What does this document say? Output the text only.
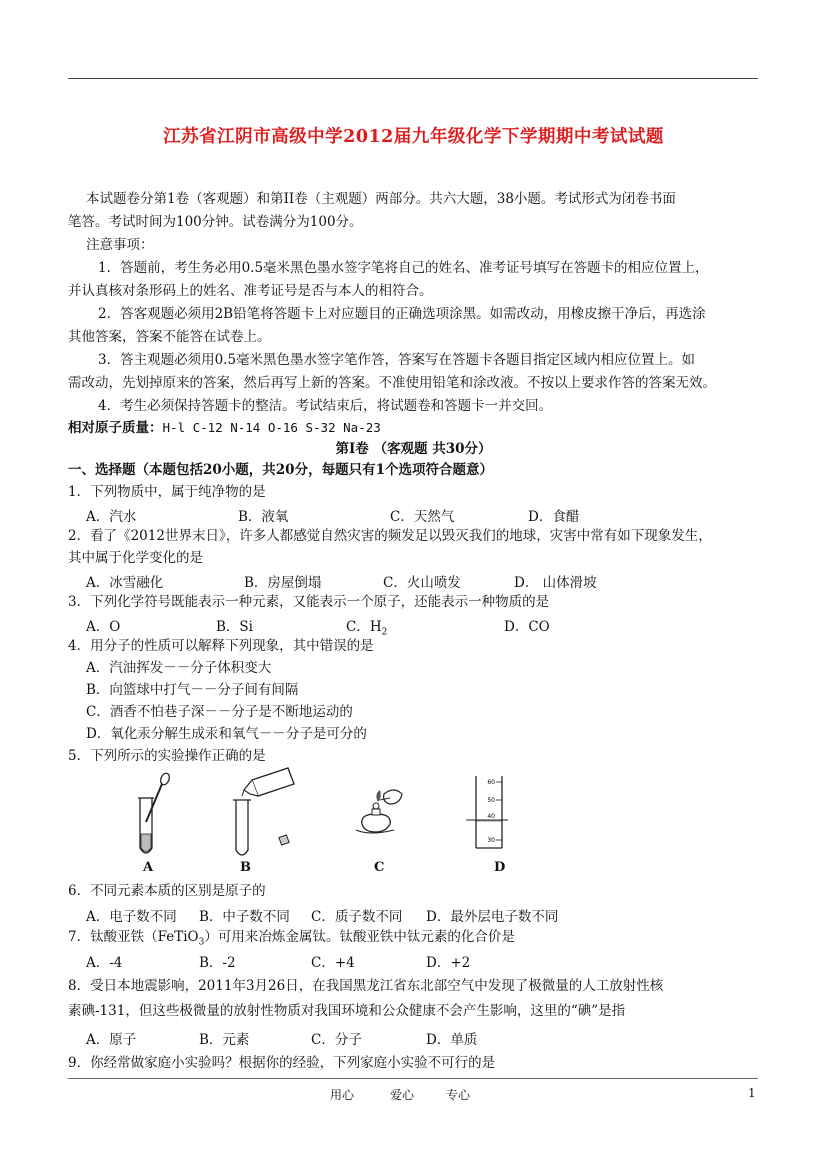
江苏省江阴市高级中学2012届九年级化学下学期期中考试试题
本试题卷分第1卷（客观题）和第II卷（主观题）两部分。共六大题，38小题。考试形式为闭卷书面
笔答。考试时间为100分钟。试卷满分为100分。
注意事项：
1．答题前，考生务必用0.5毫米黑色墨水签字笔将自己的姓名、准考证号填写在答题卡的相应位置上，
并认真核对条形码上的姓名、准考证号是否与本人的相符合。
2．答客观题必须用2B铅笔将答题卡上对应题目的正确选项涂黑。如需改动，用橡皮擦干净后，再选涂
其他答案，答案不能答在试卷上。
3．答主观题必须用0.5毫米黑色墨水签字笔作答，答案写在答题卡各题目指定区域内相应位置上。如
需改动，先划掉原来的答案，然后再写上新的答案。不准使用铅笔和涂改液。不按以上要求作答的答案无效。
4．考生必须保持答题卡的整洁。考试结束后，将试题卷和答题卡一并交回。
相对原子质量：H-l C-12 N-14 O-16 S-32 Na-23
第Ⅰ卷 （客观题 共30分）
一、选择题（本题包括20小题，共20分，每题只有1个选项符合题意）
1．下列物质中，属于纯净物的是
A．汽水	B．液氧	C．天然气	D．食醋
2．看了《2012世界末日》，许多人都感觉自然灾害的频发足以毁灭我们的地球，灾害中常有如下现象发生，
其中属于化学变化的是
A．冰雪融化	B．房屋倒塌	C．火山喷发	D． 山体滑坡
3．下列化学符号既能表示一种元素，又能表示一个原子，还能表示一种物质的是
A．O	B．Si	C．$H_2$	D．CO
4．用分子的性质可以解释下列现象，其中错误的是
A．汽油挥发－－分子体积变大
B．向篮球中打气－－分子间有间隔
C．酒香不怕巷子深－－分子是不断地运动的
D．氧化汞分解生成汞和氧气－－分子是可分的
5．下列所示的实验操作正确的是
60
50
40
30
A	B	C	D
6．不同元素本质的区别是原子的
A．电子数不同 B．中子数不同 C．质子数不同 D．最外层电子数不同
7．钛酸亚铁（FeTiO$_3$）可用来冶炼金属钛。钛酸亚铁中钛元素的化合价是
A．-4	B．-2	C．+4	D．+2
8．受日本地震影响，2011年3月26日，在我国黑龙江省东北部空气中发现了极微量的人工放射性核
素碘-131，但这些极微量的放射性物质对我国环境和公众健康不会产生影响，这里的“碘”是指
A．原子	B．元素	C．分子	D．单质
9．你经常做家庭小实验吗？根据你的经验，下列家庭小实验不可行的是
用心	爱心	专心	1
